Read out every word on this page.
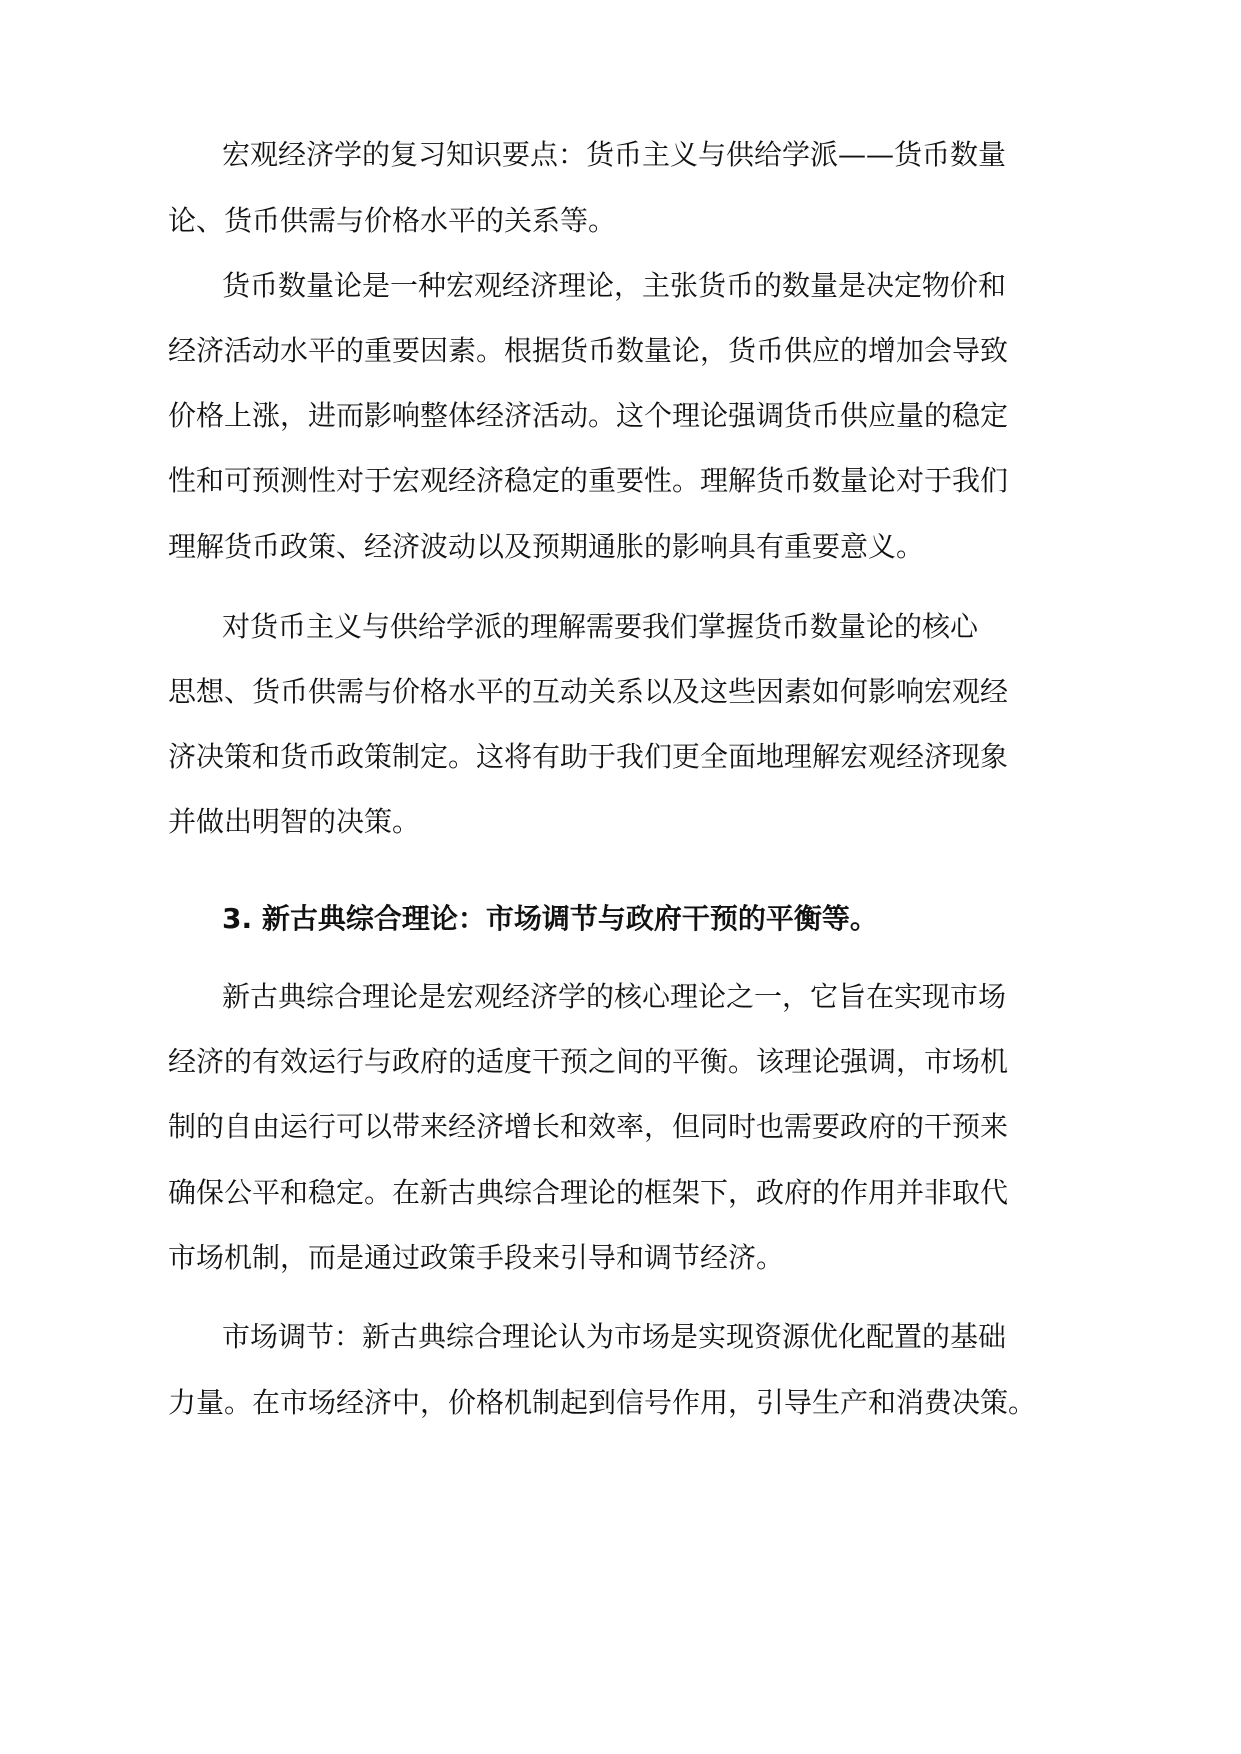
宏观经济学的复习知识要点：货币主义与供给学派——货币数量

论、货币供需与价格水平的关系等。

货币数量论是一种宏观经济理论，主张货币的数量是决定物价和

经济活动水平的重要因素。根据货币数量论，货币供应的增加会导致

价格上涨，进而影响整体经济活动。这个理论强调货币供应量的稳定

性和可预测性对于宏观经济稳定的重要性。理解货币数量论对于我们

理解货币政策、经济波动以及预期通胀的影响具有重要意义。

对货币主义与供给学派的理解需要我们掌握货币数量论的核心

思想、货币供需与价格水平的互动关系以及这些因素如何影响宏观经

济决策和货币政策制定。这将有助于我们更全面地理解宏观经济现象

并做出明智的决策。

3. 新古典综合理论：市场调节与政府干预的平衡等。

新古典综合理论是宏观经济学的核心理论之一，它旨在实现市场

经济的有效运行与政府的适度干预之间的平衡。该理论强调，市场机

制的自由运行可以带来经济增长和效率，但同时也需要政府的干预来

确保公平和稳定。在新古典综合理论的框架下，政府的作用并非取代

市场机制，而是通过政策手段来引导和调节经济。

市场调节：新古典综合理论认为市场是实现资源优化配置的基础

力量。在市场经济中，价格机制起到信号作用，引导生产和消费决策。
